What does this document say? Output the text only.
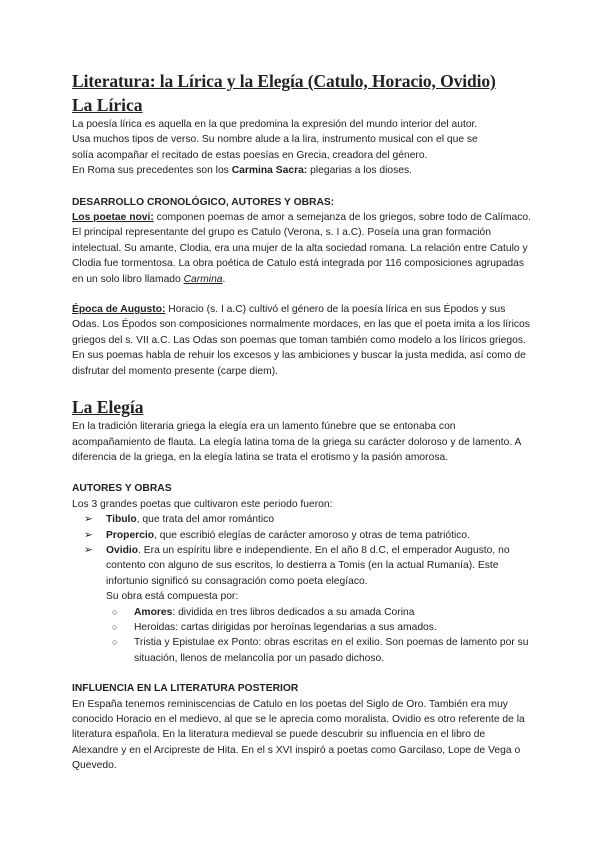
Literatura: la Lírica y la Elegía (Catulo, Horacio, Ovidio)
La Lírica

La poesía lírica es aquella en la que predomina la expresión del mundo interior del autor.
Usa muchos tipos de verso. Su nombre alude a la lira, instrumento musical con el que se
solía acompañar el recitado de estas poesías en Grecia, creadora del género.
En Roma sus precedentes son los Carmina Sacra: plegarias a los dioses.

DESARROLLO CRONOLÓGICO, AUTORES Y OBRAS:

Los poetae novi: componen poemas de amor a semejanza de los griegos, sobre todo de Calímaco. El principal representante del grupo es Catulo (Verona, s. I a.C). Poseía una gran formación intelectual. Su amante, Clodia, era una mujer de la alta sociedad romana. La relación entre Catulo y Clodia fue tormentosa. La obra poética de Catulo está integrada por 116 composiciones agrupadas en un solo libro llamado Carmina.

Época de Augusto: Horacio (s. I a.C) cultivó el género de la poesía lírica en sus Épodos y sus Odas. Los Épodos son composiciones normalmente mordaces, en las que el poeta imita a los líricos griegos del s. VII a.C. Las Odas son poemas que toman también como modelo a los líricos griegos. En sus poemas habla de rehuir los excesos y las ambiciones y buscar la justa medida, así como de disfrutar del momento presente (carpe diem).

La Elegía

En la tradición literaria griega la elegía era un lamento fúnebre que se entonaba con acompañamiento de flauta. La elegía latina toma de la griega su carácter doloroso y de lamento. A diferencia de la griega, en la elegía latina se trata el erotismo y la pasión amorosa.

AUTORES Y OBRAS

Los 3 grandes poetas que cultivaron este periodo fueron:

➢ Tibulo, que trata del amor romántico
➢ Propercio, que escribió elegías de carácter amoroso y otras de tema patriótico.
➢ Ovidio. Era un espíritu libre e independiente. En el año 8 d.C, el emperador Augusto, no contento con alguno de sus escritos, lo destierra a Tomis (en la actual Rumanía). Este infortunio significó su consagración como poeta elegíaco.
Su obra está compuesta por:
○ Amores: dividida en tres libros dedicados a su amada Corina
○ Heroidas: cartas dirigidas por heroínas legendarias a sus amados.
○ Tristia y Epistulae ex Ponto: obras escritas en el exilio. Son poemas de lamento por su situación, llenos de melancolía por un pasado dichoso.
INFLUENCIA EN LA LITERATURA POSTERIOR

En España tenemos reminiscencias de Catulo en los poetas del Siglo de Oro. También era muy conocido Horacio en el medievo, al que se le aprecia como moralista. Ovidio es otro referente de la literatura española. En la literatura medieval se puede descubrir su influencia en el libro de Alexandre y en el Arcipreste de Hita. En el s XVI inspiró a poetas como Garcilaso, Lope de Vega o Quevedo.
